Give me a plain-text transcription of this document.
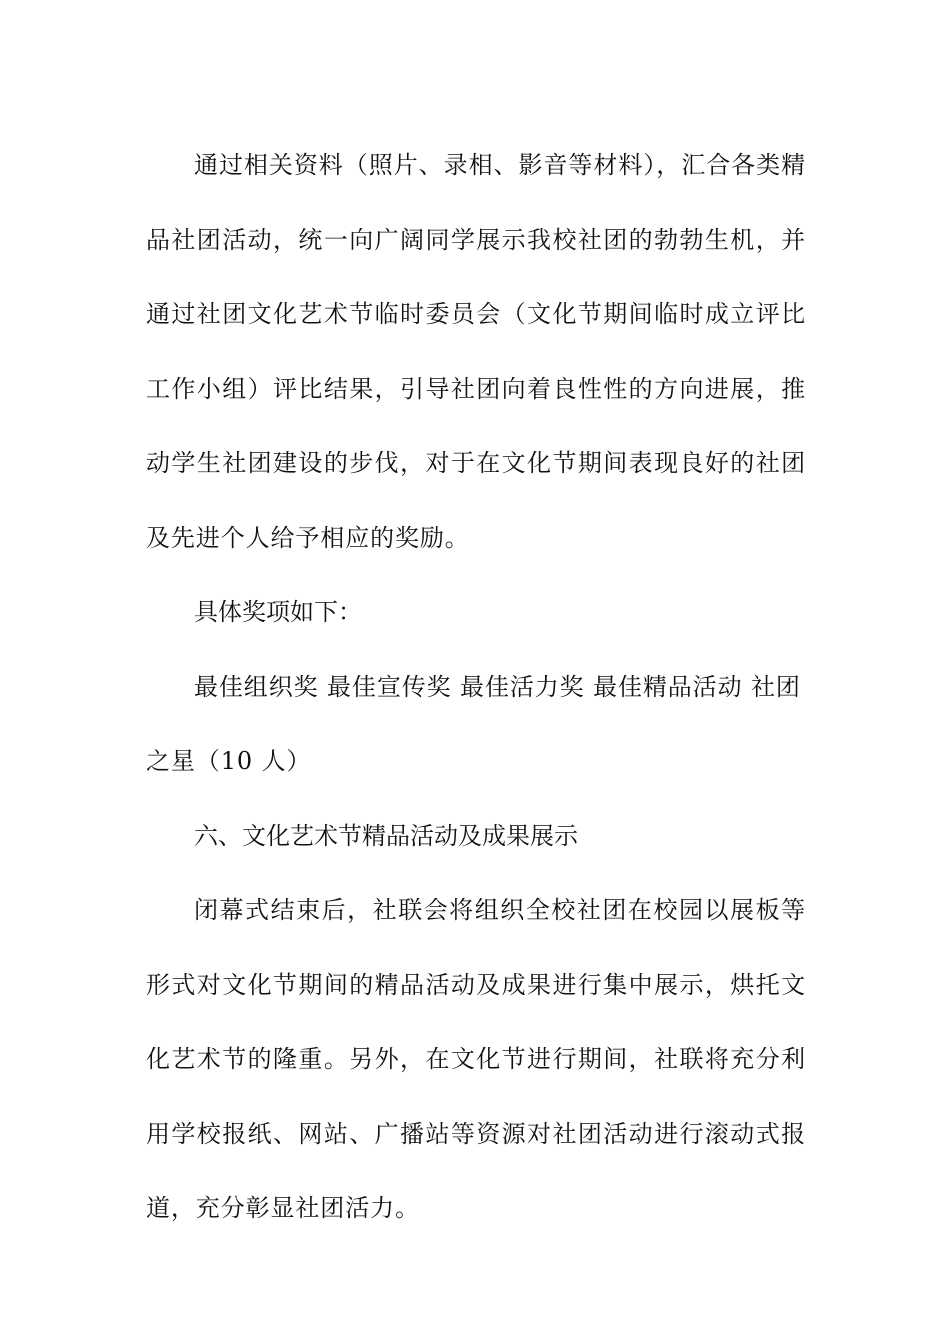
通过相关资料（照片、录相、影音等材料），汇合各类精品社团活动，统一向广阔同学展示我校社团的勃勃生机，并通过社团文化艺术节临时委员会（文化节期间临时成立评比工作小组）评比结果，引导社团向着良性性的方向进展，推动学生社团建设的步伐，对于在文化节期间表现良好的社团及先进个人给予相应的奖励。

具体奖项如下：

最佳组织奖 最佳宣传奖 最佳活力奖 最佳精品活动 社团之星（10 人）

六、文化艺术节精品活动及成果展示

闭幕式结束后，社联会将组织全校社团在校园以展板等形式对文化节期间的精品活动及成果进行集中展示，烘托文化艺术节的隆重。另外，在文化节进行期间，社联将充分利用学校报纸、网站、广播站等资源对社团活动进行滚动式报道，充分彰显社团活力。
